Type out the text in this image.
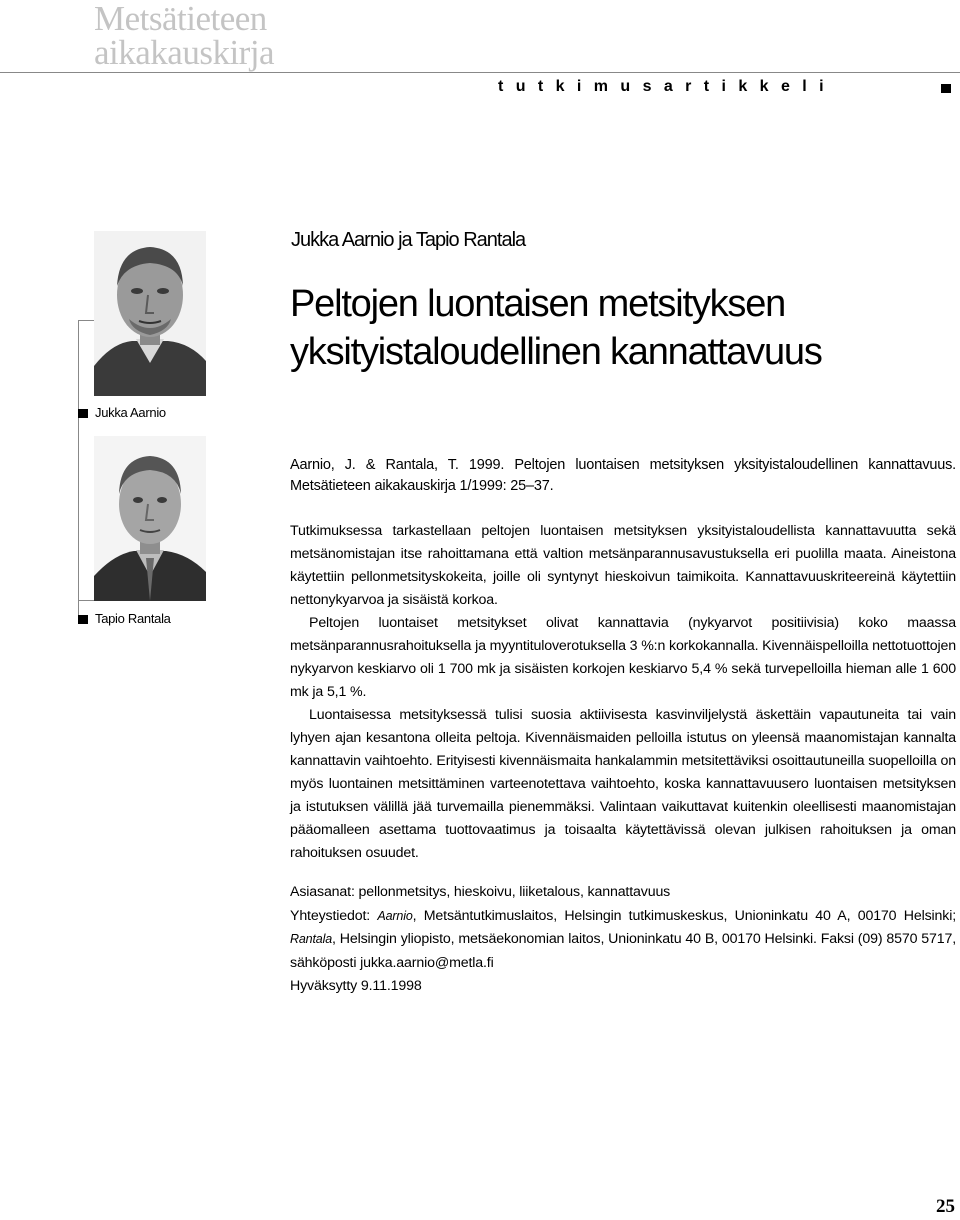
Metsätieteen
aikakauskirja
tutkimusartikkeli
Jukka Aarnio
Tapio Rantala
Jukka Aarnio ja Tapio Rantala
Peltojen luontaisen metsityksen
yksityistaloudellinen kannattavuus
Aarnio, J. & Rantala, T. 1999. Peltojen luontaisen metsityksen yksityistaloudellinen kannattavuus. Metsätieteen aikakauskirja 1/1999: 25–37.

Tutkimuksessa tarkastellaan peltojen luontaisen metsityksen yksityistaloudellista kannattavuutta sekä metsänomistajan itse rahoittamana että valtion metsänparannusavustuksella eri puolilla maata. Aineistona käytettiin pellonmetsityskokeita, joille oli syntynyt hieskoivun taimikoita. Kannattavuuskriteereinä käytettiin nettonykyarvoa ja sisäistä korkoa.

Peltojen luontaiset metsitykset olivat kannattavia (nykyarvot positiivisia) koko maassa metsänparannusrahoituksella ja myyntituloverotuksella 3 %:n korkokannalla. Kivennäispelloilla nettotuottojen nykyarvon keskiarvo oli 1 700 mk ja sisäisten korkojen keskiarvo 5,4 % sekä turvepelloilla hieman alle 1 600 mk ja 5,1 %.

Luontaisessa metsityksessä tulisi suosia aktiivisesta kasvinviljelystä äskettäin vapautuneita tai vain lyhyen ajan kesantona olleita peltoja. Kivennäismaiden pelloilla istutus on yleensä maanomistajan kannalta kannattavin vaihtoehto. Erityisesti kivennäismaita hankalammin metsitettäviksi osoittautuneilla suopelloilla on myös luontainen metsittäminen varteenotettava vaihtoehto, koska kannattavuusero luontaisen metsityksen ja istutuksen välillä jää turvemailla pienemmäksi. Valintaan vaikuttavat kuitenkin oleellisesti maanomistajan pääomalleen asettama tuottovaatimus ja toisaalta käytettävissä olevan julkisen rahoituksen ja oman rahoituksen osuudet.

Asiasanat: pellonmetsitys, hieskoivu, liiketalous, kannattavuus

Yhteystiedot: Aarnio, Metsäntutkimuslaitos, Helsingin tutkimuskeskus, Unioninkatu 40 A, 00170 Helsinki; Rantala, Helsingin yliopisto, metsäekonomian laitos, Unioninkatu 40 B, 00170 Helsinki. Faksi (09) 8570 5717, sähköposti jukka.aarnio@metla.fi

Hyväksytty 9.11.1998

25
